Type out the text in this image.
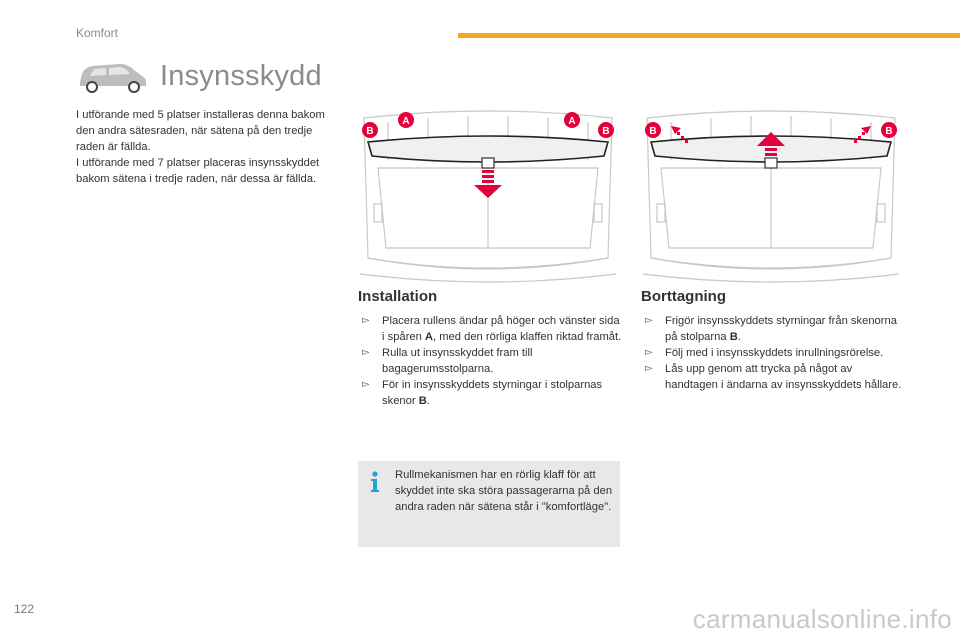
Komfort
Insynsskydd

I utförande med 5 platser installeras denna bakom den andra sätesraden, när sätena på den tredje raden är fällda.

I utförande med 7 platser placeras insynsskyddet bakom sätena i tredje raden, när dessa är fällda.

B
A	A
B	B	B
Installation
▻ Placera rullens ändar på höger och vänster sida i spåren A, med den rörliga klaffen riktad framåt.
▻ Rulla ut insynsskyddet fram till bagagerumsstolparna.
▻ För in insynsskyddets styrningar i stolparnas skenor B.
Borttagning
▻ Frigör insynsskyddets styrningar från skenorna på stolparna B.
▻ Följ med i insynsskyddets inrullningsrörelse.
▻ Lås upp genom att trycka på något av handtagen i ändarna av insynsskyddets hållare.
Rullmekanismen har en rörlig klaff för att skyddet inte ska störa passagerarna på den andra raden när sätena står i "komfortläge".
122	carmanualsonline.info
